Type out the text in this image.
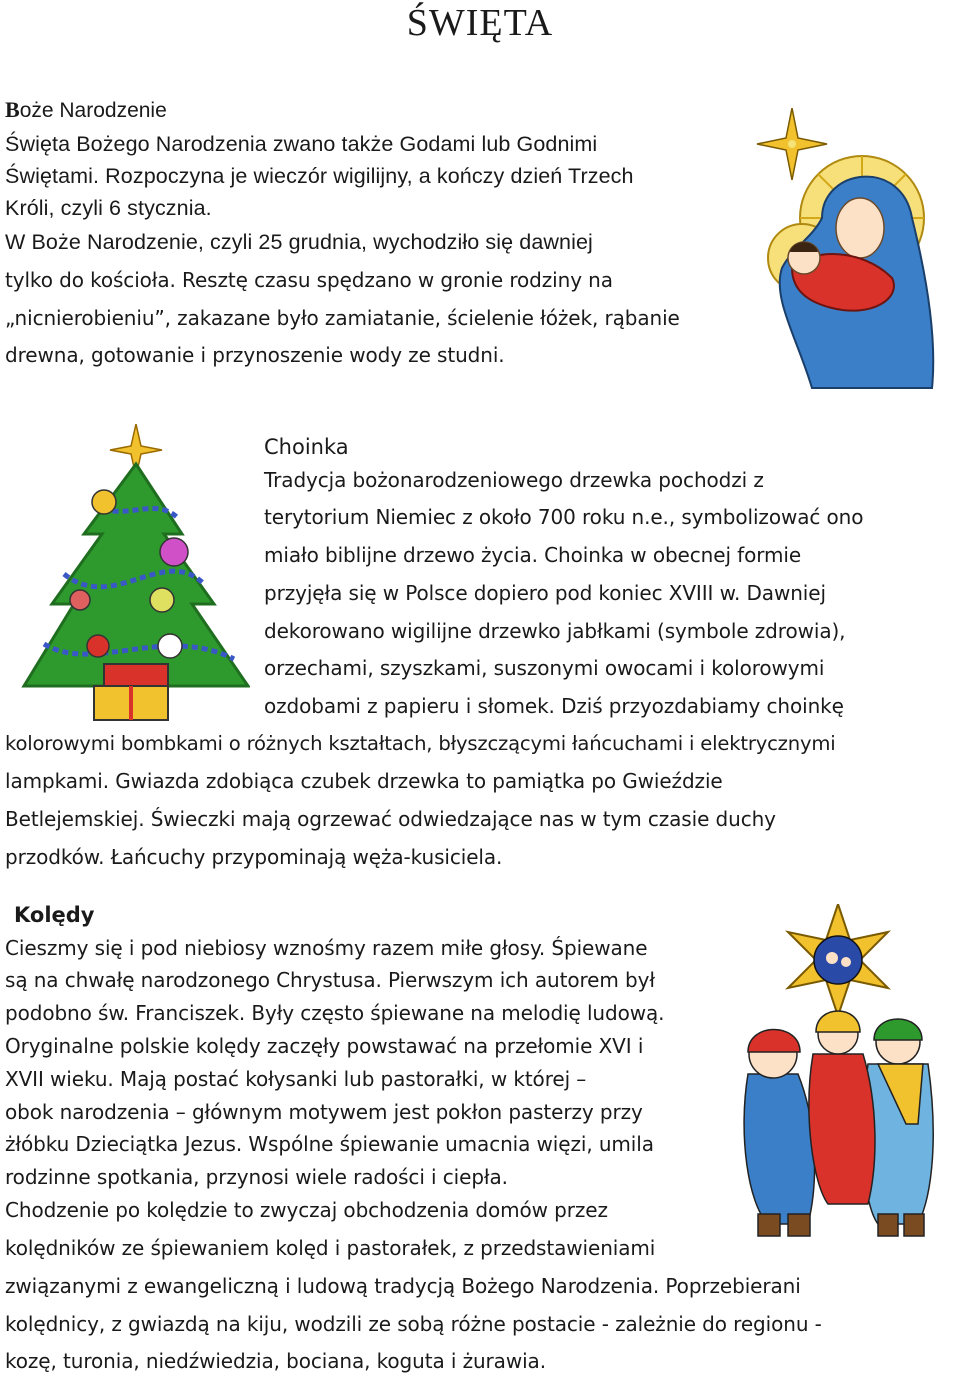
ŚWIĘTA
Boże Narodzenie
Święta Bożego Narodzenia zwano także Godami lub Godnimi
Świętami. Rozpoczyna je wieczór wigilijny, a kończy dzień Trzech
Króli, czyli 6 stycznia.
W Boże Narodzenie, czyli 25 grudnia, wychodziło się dawniej
tylko do kościoła. Resztę czasu spędzano w gronie rodziny na
„nicnierobieniu”, zakazane było zamiatanie, ścielenie łóżek, rąbanie
drewna, gotowanie i przynoszenie wody ze studni.
Choinka
Tradycja bożonarodzeniowego drzewka pochodzi z
terytorium Niemiec z około 700 roku n.e., symbolizować ono
miało biblijne drzewo życia. Choinka w obecnej formie
przyjęła się w Polsce dopiero pod koniec XVIII w. Dawniej
dekorowano wigilijne drzewko jabłkami (symbole zdrowia),
orzechami, szyszkami, suszonymi owocami i kolorowymi
ozdobami z papieru i słomek. Dziś przyozdabiamy choinkę
kolorowymi bombkami o różnych kształtach, błyszczącymi łańcuchami i elektrycznymi
lampkami. Gwiazda zdobiąca czubek drzewka to pamiątka po Gwieździe
Betlejemskiej. Świeczki mają ogrzewać odwiedzające nas w tym czasie duchy
przodków. Łańcuchy przypominają węża-kusiciela.
Kolędy
Cieszmy się i pod niebiosy wznośmy razem miłe głosy. Śpiewane
są na chwałę narodzonego Chrystusa. Pierwszym ich autorem był
podobno św. Franciszek. Były często śpiewane na melodię ludową.
Oryginalne polskie kolędy zaczęły powstawać na przełomie XVI i
XVII wieku. Mają postać kołysanki lub pastorałki, w której –
obok narodzenia – głównym motywem jest pokłon pasterzy przy
żłóbku Dzieciątka Jezus. Wspólne śpiewanie umacnia więzi, umila
rodzinne spotkania, przynosi wiele radości i ciepła.
Chodzenie po kolędzie to zwyczaj obchodzenia domów przez
kolędników ze śpiewaniem kolęd i pastorałek, z przedstawieniami
związanymi z ewangeliczną i ludową tradycją Bożego Narodzenia. Poprzebierani
kolędnicy, z gwiazdą na kiju, wodzili ze sobą różne postacie - zależnie do regionu -
kozę, turonia, niedźwiedzia, bociana, koguta i żurawia.
